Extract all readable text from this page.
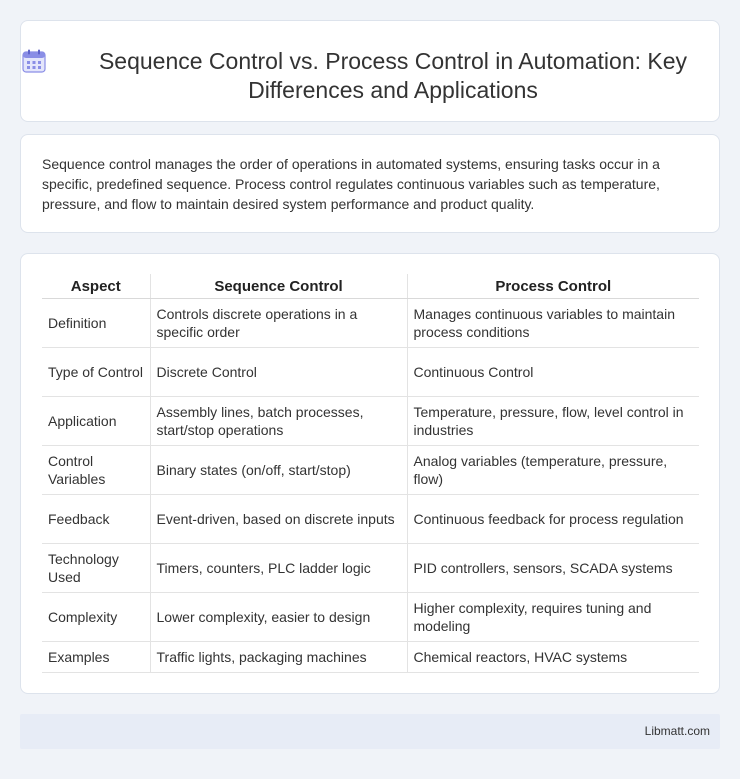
Sequence Control vs. Process Control in Automation: Key Differences and Applications

Sequence control manages the order of operations in automated systems, ensuring tasks occur in a specific, predefined sequence. Process control regulates continuous variables such as temperature, pressure, and flow to maintain desired system performance and product quality.

Aspect	Sequence Control	Process Control
Definition	Controls discrete operations in a specific order	Manages continuous variables to maintain process conditions
Type of Control	Discrete Control	Continuous Control
Application	Assembly lines, batch processes, start/stop operations	Temperature, pressure, flow, level control in industries
Control Variables	Binary states (on/off, start/stop)	Analog variables (temperature, pressure, flow)
Feedback	Event-driven, based on discrete inputs	Continuous feedback for process regulation
Technology Used	Timers, counters, PLC ladder logic	PID controllers, sensors, SCADA systems
Complexity	Lower complexity, easier to design	Higher complexity, requires tuning and modeling
Examples	Traffic lights, packaging machines	Chemical reactors, HVAC systems
Libmatt.com
